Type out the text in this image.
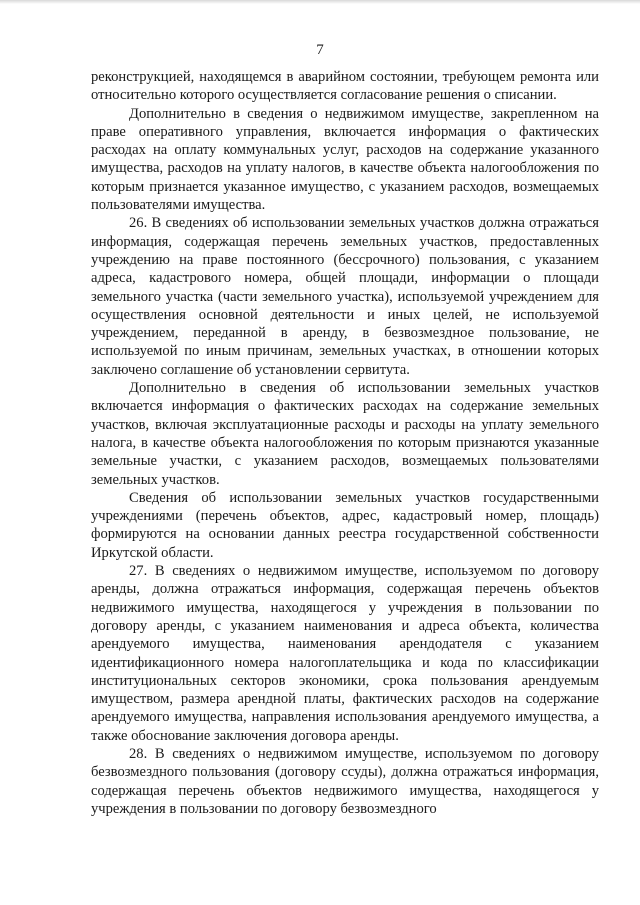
7

реконструкцией, находящемся в аварийном состоянии, требующем ремонта или относительно которого осуществляется согласование решения о списании.

Дополнительно в сведения о недвижимом имуществе, закрепленном на праве оперативного управления, включается информация о фактических расходах на оплату коммунальных услуг, расходов на содержание указанного имущества, расходов на уплату налогов, в качестве объекта налогообложения по которым признается указанное имущество, с указанием расходов, возмещаемых пользователями имущества.

26. В сведениях об использовании земельных участков должна отражаться информация, содержащая перечень земельных участков, предоставленных учреждению на праве постоянного (бессрочного) пользования, с указанием адреса, кадастрового номера, общей площади, информации о площади земельного участка (части земельного участка), используемой учреждением для осуществления основной деятельности и иных целей, не используемой учреждением, переданной в аренду, в безвозмездное пользование, не используемой по иным причинам, земельных участках, в отношении которых заключено соглашение об установлении сервитута.

Дополнительно в сведения об использовании земельных участков включается информация о фактических расходах на содержание земельных участков, включая эксплуатационные расходы и расходы на уплату земельного налога, в качестве объекта налогообложения по которым признаются указанные земельные участки, с указанием расходов, возмещаемых пользователями земельных участков.

Сведения об использовании земельных участков государственными учреждениями (перечень объектов, адрес, кадастровый номер, площадь) формируются на основании данных реестра государственной собственности Иркутской области.

27. В сведениях о недвижимом имуществе, используемом по договору аренды, должна отражаться информация, содержащая перечень объектов недвижимого имущества, находящегося у учреждения в пользовании по договору аренды, с указанием наименования и адреса объекта, количества арендуемого имущества, наименования арендодателя с указанием идентификационного номера налогоплательщика и кода по классификации институциональных секторов экономики, срока пользования арендуемым имуществом, размера арендной платы, фактических расходов на содержание арендуемого имущества, направления использования арендуемого имущества, а также обоснование заключения договора аренды.

28. В сведениях о недвижимом имуществе, используемом по договору безвозмездного пользования (договору ссуды), должна отражаться информация, содержащая перечень объектов недвижимого имущества, находящегося у учреждения в пользовании по договору безвозмездного
